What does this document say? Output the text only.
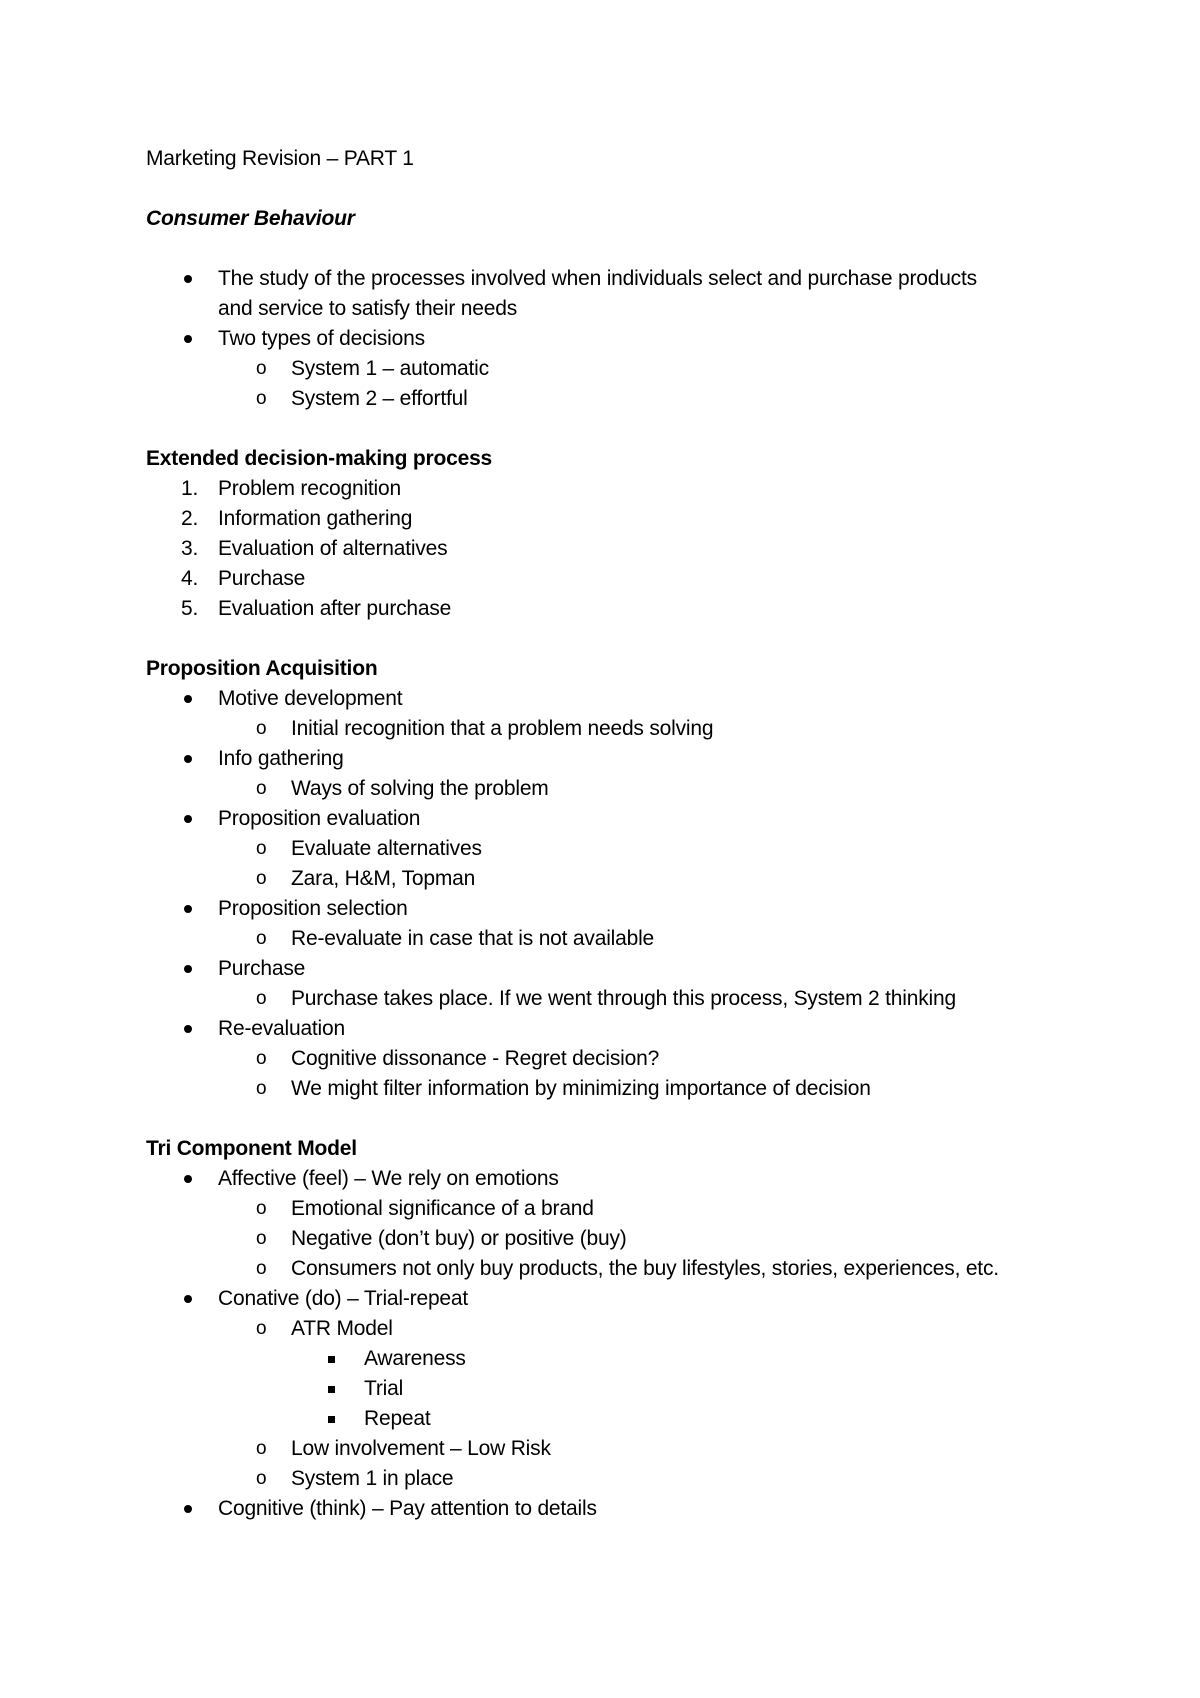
Marketing Revision – PART 1

Consumer Behaviour

The study of the processes involved when individuals select and purchase products
and service to satisfy their needs
Two types of decisions
o System 1 – automatic
o System 2 – effortful

Extended decision-making process

1. Problem recognition
2. Information gathering
3. Evaluation of alternatives
4. Purchase
5. Evaluation after purchase

Proposition Acquisition

Motive development
o Initial recognition that a problem needs solving
Info gathering
o Ways of solving the problem
Proposition evaluation
o Evaluate alternatives
o Zara, H&M, Topman
Proposition selection
o Re-evaluate in case that is not available
Purchase
o Purchase takes place. If we went through this process, System 2 thinking
Re-evaluation
o Cognitive dissonance - Regret decision?
o We might filter information by minimizing importance of decision

Tri Component Model

Affective (feel) – We rely on emotions
o Emotional significance of a brand
o Negative (don’t buy) or positive (buy)
o Consumers not only buy products, the buy lifestyles, stories, experiences, etc.
Conative (do) – Trial-repeat
o ATR Model
Awareness
Trial
Repeat
o Low involvement – Low Risk
o System 1 in place
Cognitive (think) – Pay attention to details
